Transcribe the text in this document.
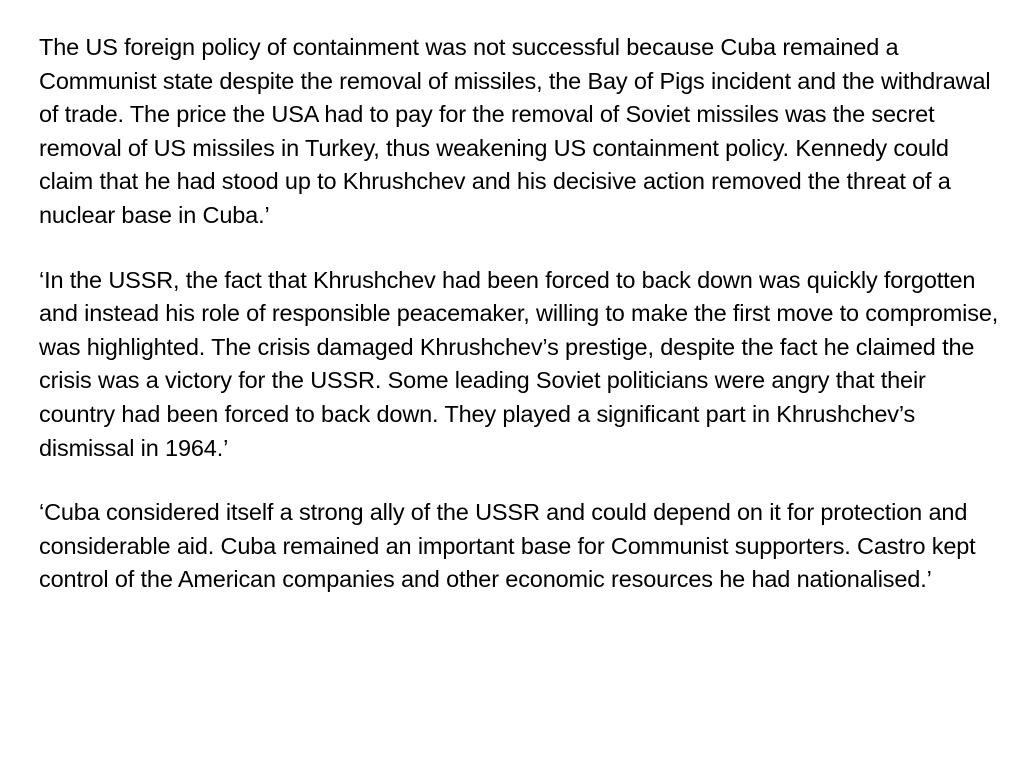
The US foreign policy of containment was not successful because Cuba remained a Communist state despite the removal of missiles, the Bay of Pigs incident and the withdrawal of trade. The price the USA had to pay for the removal of Soviet missiles was the secret removal of US missiles in Turkey, thus weakening US containment policy. Kennedy could claim that he had stood up to Khrushchev and his decisive action removed the threat of a nuclear base in Cuba.’

‘In the USSR, the fact that Khrushchev had been forced to back down was quickly forgotten and instead his role of responsible peacemaker, willing to make the first move to compromise, was highlighted. The crisis damaged Khrushchev’s prestige, despite the fact he claimed the crisis was a victory for the USSR. Some leading Soviet politicians were angry that their country had been forced to back down. They played a significant part in Khrushchev’s dismissal in 1964.’

‘Cuba considered itself a strong ally of the USSR and could depend on it for protection and considerable aid. Cuba remained an important base for Communist supporters. Castro kept control of the American companies and other economic resources he had nationalised.’
